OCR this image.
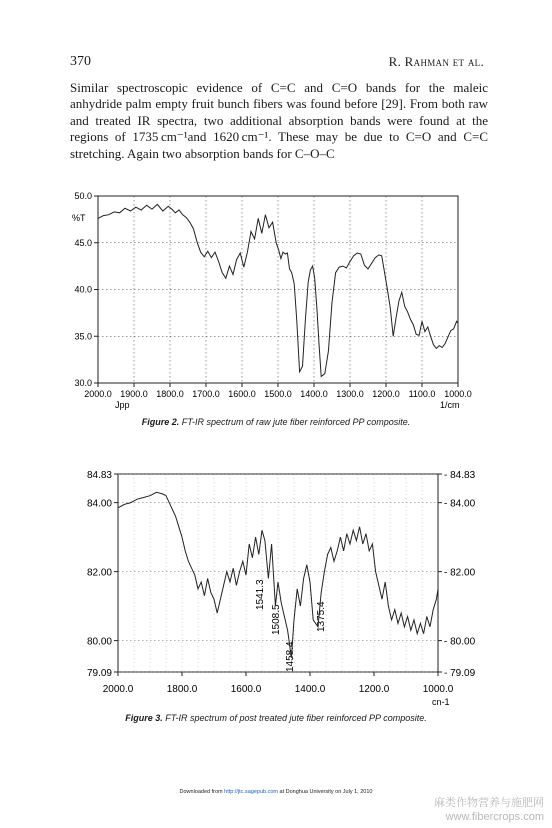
370	R. Rahman et al.
Similar spectroscopic evidence of C=C and C=O bands for the maleic anhydride palm empty fruit bunch fibers was found before [29]. From both raw and treated IR spectra, two additional absorption bands were found at the regions of 1735 cm⁻¹and 1620 cm⁻¹. These may be due to C=O and C=C stretching. Again two absorption bands for C–O–C
2000.0 1900.0 1800.0 1700.0 1600.0 1500.0 1400.0 1300.0 1200.0 1100.0 1000.0
50.0
45.0
40.0
35.0
30.0
%T
Jpp	1/cm
Figure 2. FT-IR spectrum of raw jute fiber reinforced PP composite.
2000.0	1800.0	1600.0	1400.0	1200.0	1000.0
84.83	- 84.83
84.00	- 84.00
82.00	- 82.00
80.00	- 80.00
79.09	- 79.09
1541.3
1508.5
1458.4
1375.4
cn-1
Figure 3. FT-IR spectrum of post treated jute fiber reinforced PP composite.
Downloaded from http://jtc.sagepub.com at Donghua University on July 1, 2010
麻类作物营养与施肥网
www.fibercrops.com
